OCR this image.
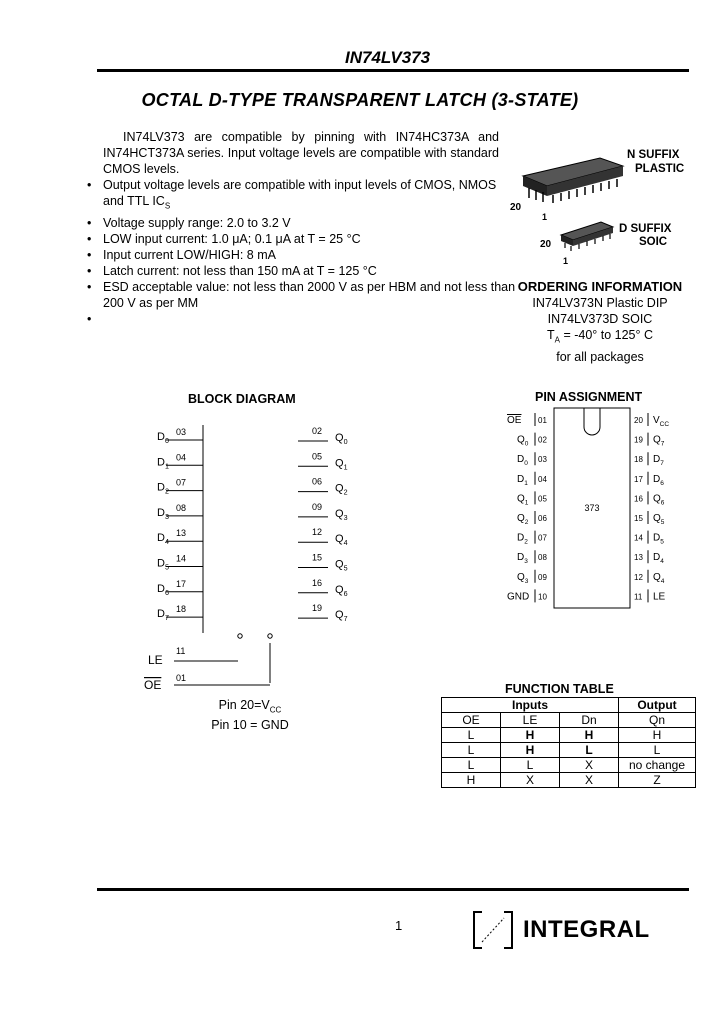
IN74LV373
OCTAL D-TYPE TRANSPARENT LATCH (3-STATE)
IN74LV373 are compatible by pinning with IN74HC373A and IN74HCT373A series. Input voltage levels are compatible with standard CMOS levels.
• Output voltage levels are compatible with input levels of CMOS, NMOS and TTL $IC_S$
• Voltage supply range: 2.0 to 3.2 V
• LOW input current: 1.0 μA; 0.1 μA at T = 25 °C
• Input current LOW/HIGH: 8 mA
• Latch current: not less than 150 mA at T = 125 °C
• ESD acceptable value: not less than 2000 V as per HBM and not less than 200 V as per MM
•
20
1
N SUFFIX
PLASTIC
20
1
D SUFFIX
SOIC
ORDERING INFORMATION
IN74LV373N Plastic DIP
IN74LV373D SOIC
$T_A = -40^\circ$ to 125° C
for all packages
BLOCK DIAGRAM
$D_0$
03
$D_1$
04
$D_2$
07
$D_3$
08
$D_4$
13
$D_5$
14
$D_6$
17
$D_7$
18
$Q_0$
02
$Q_1$
05
$Q_2$
06
$Q_3$
09
$Q_4$
12
$Q_5$
15
$Q_6$
16
$Q_7$
19
LE
11
OE 01
Pin $20=V_{CC}$
Pin 10 = GND
PIN ASSIGNMENT
373
OE 01
$Q_0$ 02
$D_0$ 03
$D_1$ 04
$Q_1$ 05
$Q_2$ 06
$D_2$ 07
$D_3$ 08
$Q_3$ 09
GND 10
20 $V_{CC}$
19 $Q_7$
18 $D_7$
17 $D_6$
16 $Q_6$
15 $Q_5$
14 $D_5$
13 $D_4$
12 $Q_4$
11 LE
FUNCTION TABLE
Inputs			Output
$\overline{OE}$	LE	Dn	Qn
L	H	H	H
L	H	L	L
L	L	X	no change
H	X	X	Z
1	INTEGRAL
